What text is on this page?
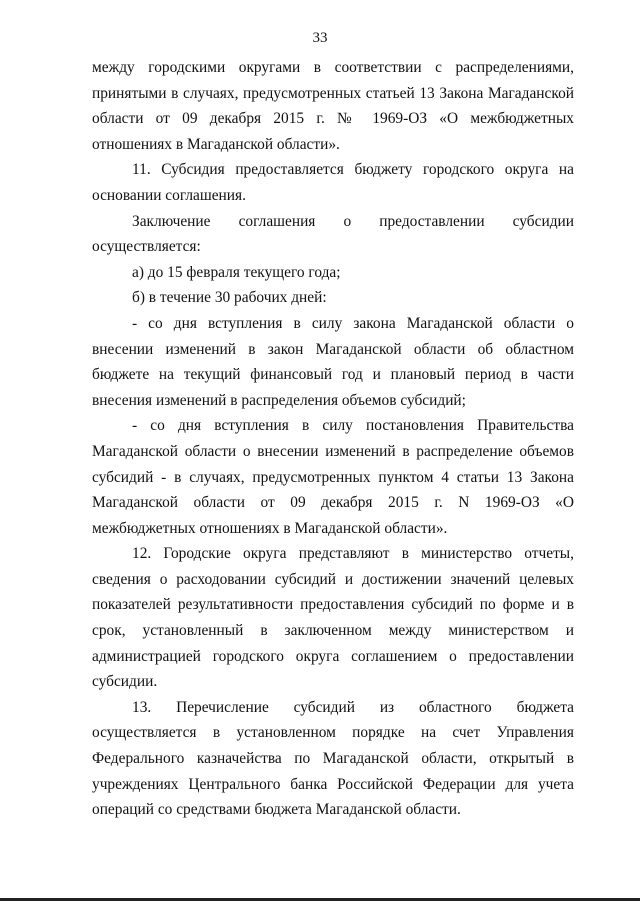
33

между городскими округами в соответствии с распределениями, принятыми в случаях, предусмотренных статьей 13 Закона Магаданской области от 09 декабря 2015 г. № 1969-ОЗ «О межбюджетных отношениях в Магаданской области».

11. Субсидия предоставляется бюджету городского округа на основании соглашения.

Заключение соглашения о предоставлении субсидии осуществляется:

а) до 15 февраля текущего года;

б) в течение 30 рабочих дней:

- со дня вступления в силу закона Магаданской области о внесении изменений в закон Магаданской области об областном бюджете на текущий финансовый год и плановый период в части внесения изменений в распределения объемов субсидий;

- со дня вступления в силу постановления Правительства Магаданской области о внесении изменений в распределение объемов субсидий - в случаях, предусмотренных пунктом 4 статьи 13 Закона Магаданской области от 09 декабря 2015 г. N 1969-ОЗ «О межбюджетных отношениях в Магаданской области».

12. Городские округа представляют в министерство отчеты, сведения о расходовании субсидий и достижении значений целевых показателей результативности предоставления субсидий по форме и в срок, установленный в заключенном между министерством и администрацией городского округа соглашением о предоставлении субсидии.

13. Перечисление субсидий из областного бюджета осуществляется в установленном порядке на счет Управления Федерального казначейства по Магаданской области, открытый в учреждениях Центрального банка Российской Федерации для учета операций со средствами бюджета Магаданской области.
